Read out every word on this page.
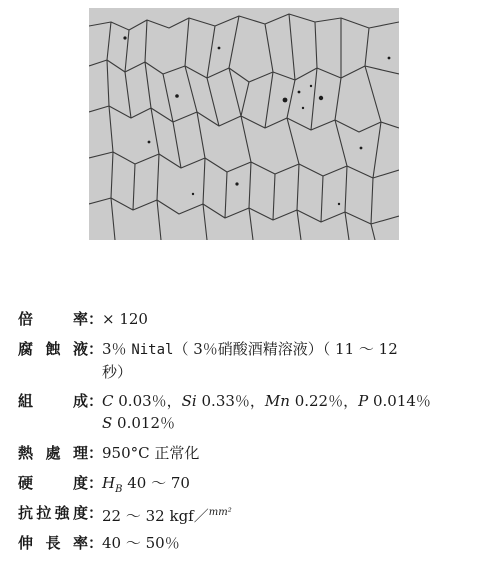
倍	率 ：
× 120
腐 蝕 液 ：
3％ Nital（ 3％硝酸酒精溶液）（ 11 ～ 12
秒）
組	成 ：
C 0.03％，Si 0.33％，Mn 0.22％，P 0.014％
S 0.012％
熱 處 理 ：
950°C 正常化
硬	度 ：
$H_B$ 40 ～ 70
抗 拉 強 度 ：
22 ～ 32 kgf／$^{mm^2}$
伸 長 率 ：
40 ～ 50％
